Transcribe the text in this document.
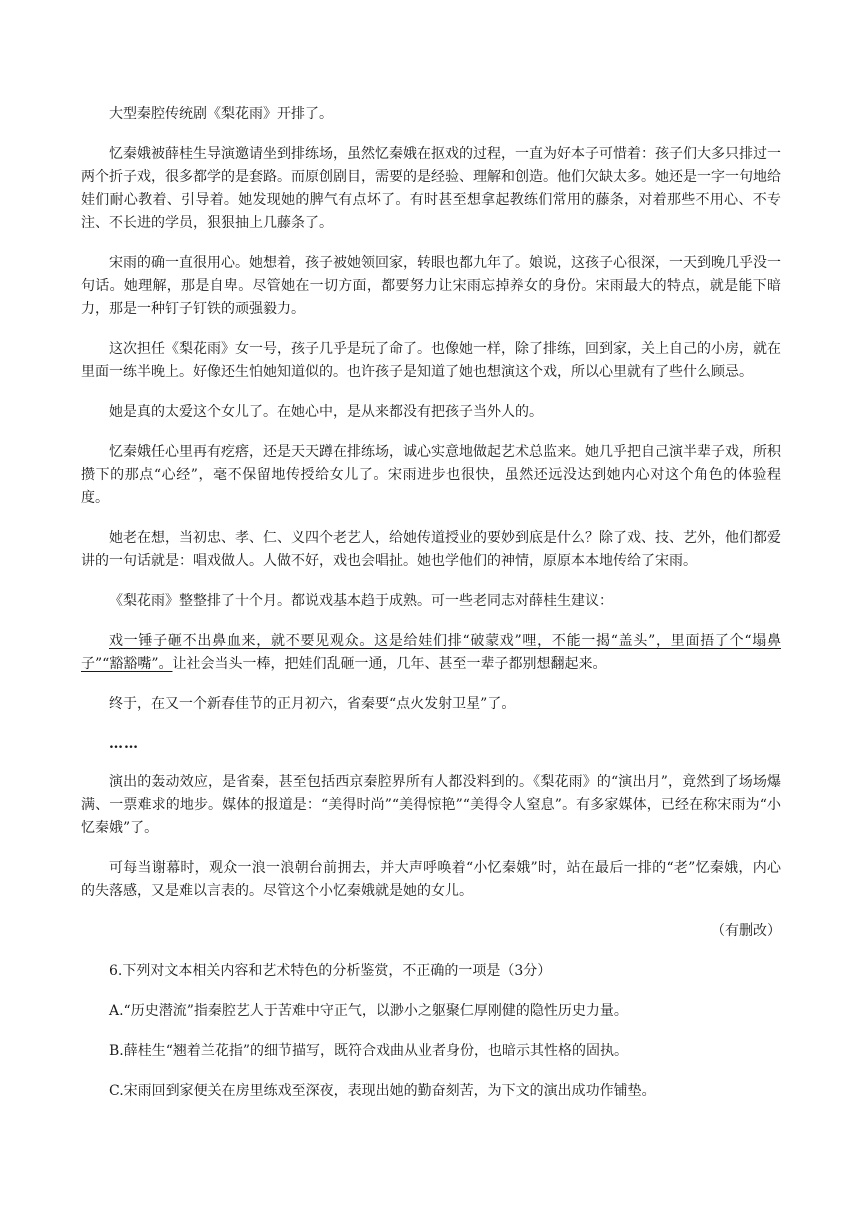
大型秦腔传统剧《梨花雨》开排了。

忆秦娥被薛桂生导演邀请坐到排练场，虽然忆秦娥在抠戏的过程，一直为好本子可惜着：孩子们大多只排过一两个折子戏，很多都学的是套路。而原创剧目，需要的是经验、理解和创造。他们欠缺太多。她还是一字一句地给娃们耐心教着、引导着。她发现她的脾气有点坏了。有时甚至想拿起教练们常用的藤条，对着那些不用心、不专注、不长进的学员，狠狠抽上几藤条了。

宋雨的确一直很用心。她想着，孩子被她领回家，转眼也都九年了。娘说，这孩子心很深，一天到晚几乎没一句话。她理解，那是自卑。尽管她在一切方面，都要努力让宋雨忘掉养女的身份。宋雨最大的特点，就是能下暗力，那是一种钉子钉铁的顽强毅力。

这次担任《梨花雨》女一号，孩子几乎是玩了命了。也像她一样，除了排练，回到家，关上自己的小房，就在里面一练半晚上。好像还生怕她知道似的。也许孩子是知道了她也想演这个戏，所以心里就有了些什么顾忌。

她是真的太爱这个女儿了。在她心中，是从来都没有把孩子当外人的。

忆秦娥任心里再有疙瘩，还是天天蹲在排练场，诚心实意地做起艺术总监来。她几乎把自己演半辈子戏，所积攒下的那点“心经”，毫不保留地传授给女儿了。宋雨进步也很快，虽然还远没达到她内心对这个角色的体验程度。

她老在想，当初忠、孝、仁、义四个老艺人，给她传道授业的要妙到底是什么？除了戏、技、艺外，他们都爱讲的一句话就是：唱戏做人。人做不好，戏也会唱扯。她也学他们的神情，原原本本地传给了宋雨。

《梨花雨》整整排了十个月。都说戏基本趋于成熟。可一些老同志对薛桂生建议：

戏一锤子砸不出鼻血来，就不要见观众。这是给娃们排“破蒙戏”哩，不能一揭“盖头”，里面捂了个“塌鼻子”“豁豁嘴”。让社会当头一棒，把娃们乱砸一通，几年、甚至一辈子都别想翻起来。

终于，在又一个新春佳节的正月初六，省秦要“点火发射卫星”了。

……

演出的轰动效应，是省秦，甚至包括西京秦腔界所有人都没料到的。《梨花雨》的“演出月”，竟然到了场场爆满、一票难求的地步。媒体的报道是：“美得时尚”“美得惊艳”“美得令人窒息”。有多家媒体，已经在称宋雨为“小忆秦娥”了。

可每当谢幕时，观众一浪一浪朝台前拥去，并大声呼唤着“小忆秦娥”时，站在最后一排的“老”忆秦娥，内心的失落感，又是难以言表的。尽管这个小忆秦娥就是她的女儿。

（有删改）

6.下列对文本相关内容和艺术特色的分析鉴赏，不正确的一项是（3分）

A.“历史潜流”指秦腔艺人于苦难中守正气，以渺小之躯聚仁厚刚健的隐性历史力量。

B.薛桂生“翘着兰花指”的细节描写，既符合戏曲从业者身份，也暗示其性格的固执。

C.宋雨回到家便关在房里练戏至深夜，表现出她的勤奋刻苦，为下文的演出成功作铺垫。
